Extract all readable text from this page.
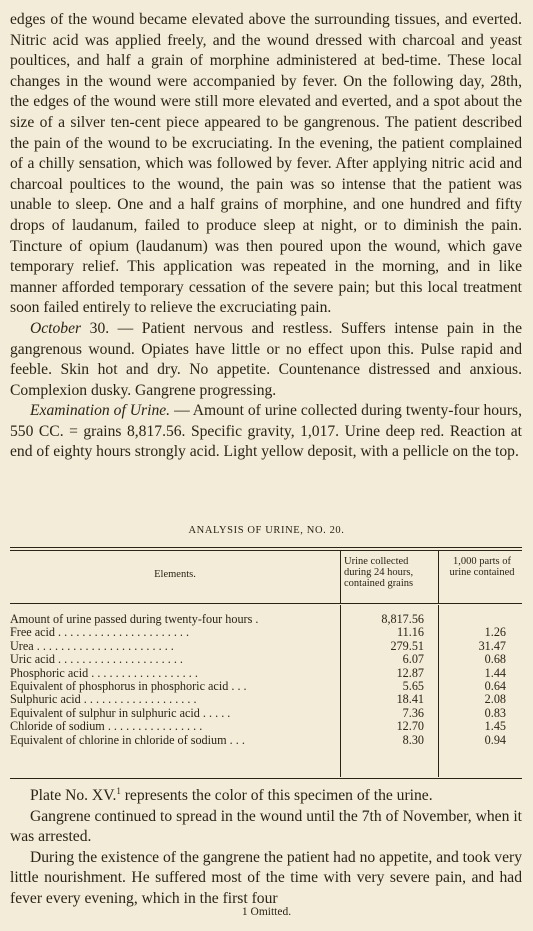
edges of the wound became elevated above the surrounding tissues, and everted. Nitric acid was applied freely, and the wound dressed with charcoal and yeast poultices, and half a grain of morphine administered at bed-time. These local changes in the wound were accompanied by fever. On the following day, 28th, the edges of the wound were still more elevated and everted, and a spot about the size of a silver ten-cent piece appeared to be gangrenous. The patient described the pain of the wound to be excruciating. In the evening, the patient complained of a chilly sensation, which was followed by fever. After applying nitric acid and charcoal poultices to the wound, the pain was so intense that the patient was unable to sleep. One and a half grains of morphine, and one hundred and fifty drops of laudanum, failed to produce sleep at night, or to diminish the pain. Tincture of opium (laudanum) was then poured upon the wound, which gave temporary relief. This application was repeated in the morning, and in like manner afforded temporary cessation of the severe pain; but this local treatment soon failed entirely to relieve the excruciating pain.

October 30. — Patient nervous and restless. Suffers intense pain in the gangrenous wound. Opiates have little or no effect upon this. Pulse rapid and feeble. Skin hot and dry. No appetite. Countenance distressed and anxious. Complexion dusky. Gangrene progressing.

Examination of Urine. — Amount of urine collected during twenty-four hours, 550 CC. = grains 8,817.56. Specific gravity, 1,017. Urine deep red. Reaction at end of eighty hours strongly acid. Light yellow deposit, with a pellicle on the top.

ANALYSIS OF URINE, NO. 20.
Elements.
Urine collected during 24 hours, contained grains
1,000 parts of urine contained
Amount of urine passed during twenty-four hours .	8,817.56
Free acid . . . . . . . . . . . . . . . . . . . . . .	11.16	1.26
Urea . . . . . . . . . . . . . . . . . . . . . . .	279.51	31.47
Uric acid . . . . . . . . . . . . . . . . . . . . .	6.07	0.68
Phosphoric acid . . . . . . . . . . . . . . . . . .	12.87	1.44
Equivalent of phosphorus in phosphoric acid . . .	5.65	0.64
Sulphuric acid . . . . . . . . . . . . . . . . . . .	18.41	2.08
Equivalent of sulphur in sulphuric acid . . . . .	7.36	0.83
Chloride of sodium . . . . . . . . . . . . . . . .	12.70	1.45
Equivalent of chlorine in chloride of sodium . . .	8.30	0.94

Plate No. XV.$^1$ represents the color of this specimen of the urine.

Gangrene continued to spread in the wound until the 7th of November, when it was arrested.

During the existence of the gangrene the patient had no appetite, and took very little nourishment. He suffered most of the time with very severe pain, and had fever every evening, which in the first four

1 Omitted.
